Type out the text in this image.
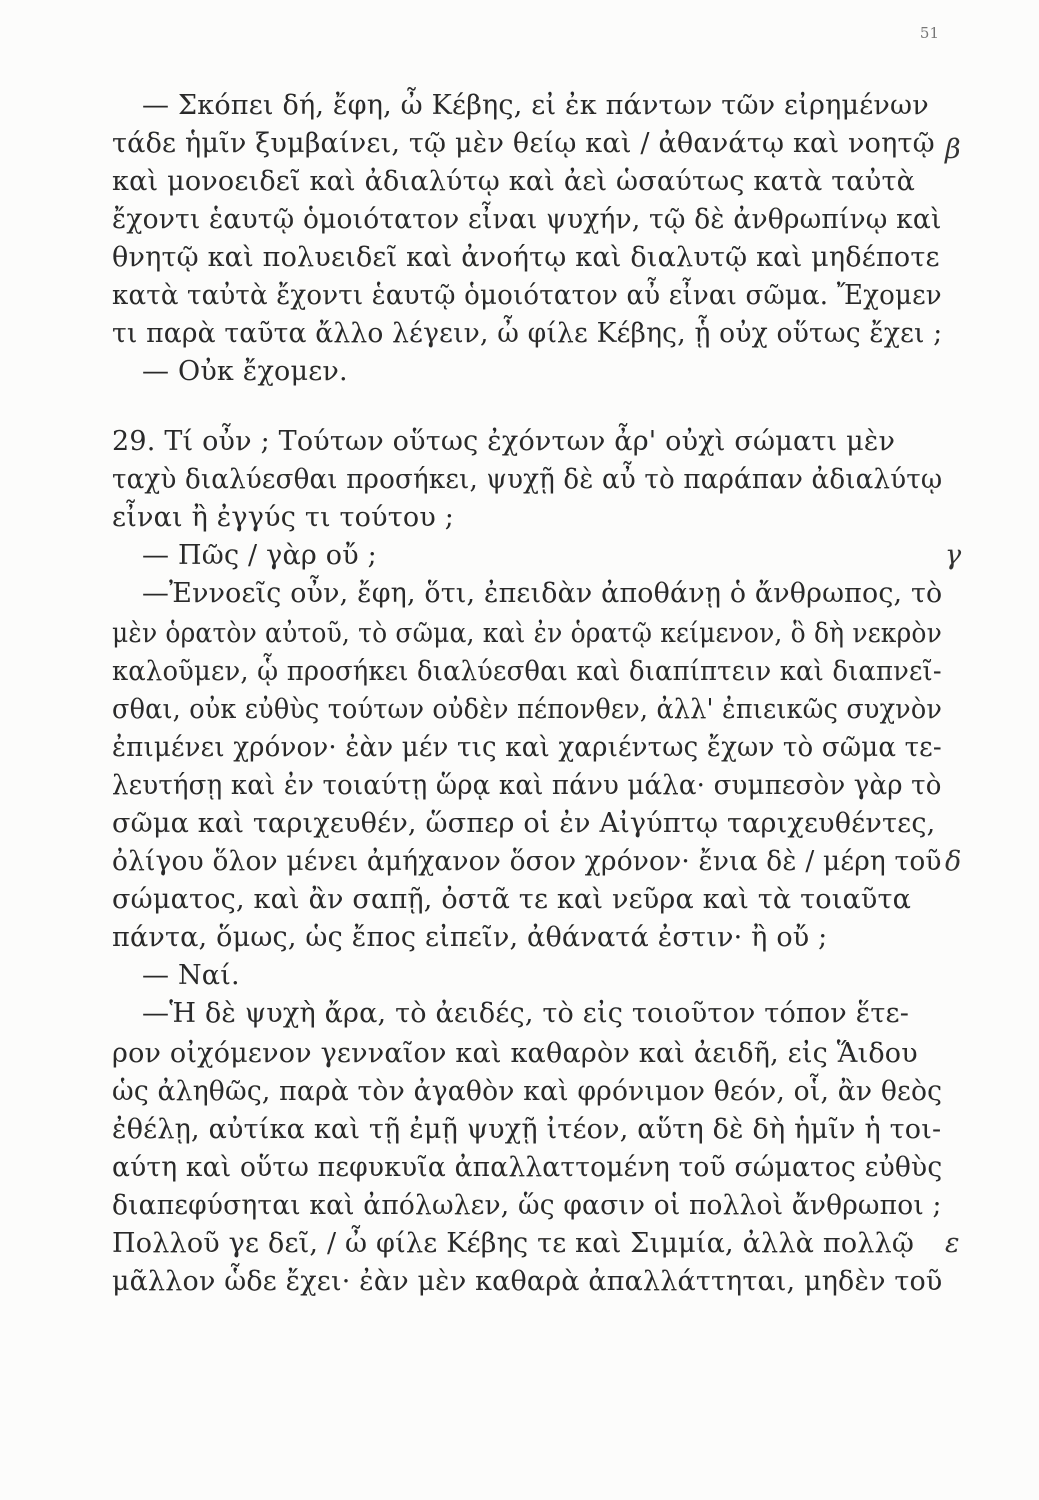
51
— Σκόπει δή, ἔφη, ὦ Κέβης, εἰ ἐκ πάντων τῶν εἰρημένων
τάδε ἡμῖν ξυμβαίνει, τῷ μὲν θείῳ καὶ / ἀθανάτῳ καὶ νοητῷ
καὶ μονοειδεῖ καὶ ἀδιαλύτῳ καὶ ἀεὶ ὡσαύτως κατὰ ταὐτὰ
ἔχοντι ἑαυτῷ ὁμοιότατον εἶναι ψυχήν, τῷ δὲ ἀνθρωπίνῳ καὶ
θνητῷ καὶ πολυειδεῖ καὶ ἀνοήτῳ καὶ διαλυτῷ καὶ μηδέποτε
κατὰ ταὐτὰ ἔχοντι ἑαυτῷ ὁμοιότατον αὖ εἶναι σῶμα. Ἔχομεν
τι παρὰ ταῦτα ἄλλο λέγειν, ὦ φίλε Κέβης, ᾗ οὐχ οὕτως ἔχει ;
— Οὐκ ἔχομεν.
29. Τί οὖν ; Τούτων οὕτως ἐχόντων ἆρ' οὐχὶ σώματι μὲν
ταχὺ διαλύεσθαι προσήκει, ψυχῇ δὲ αὖ τὸ παράπαν ἀδιαλύτῳ
εἶναι ἢ ἐγγύς τι τούτου ;
— Πῶς / γὰρ οὔ ;
—Ἐννοεῖς οὖν, ἔφη, ὅτι, ἐπειδὰν ἀποθάνῃ ὁ ἄνθρωπος, τὸ
μὲν ὁρατὸν αὐτοῦ, τὸ σῶμα, καὶ ἐν ὁρατῷ κείμενον, ὃ δὴ νεκρὸν
καλοῦμεν, ᾧ προσήκει διαλύεσθαι καὶ διαπίπτειν καὶ διαπνεῖ-
σθαι, οὐκ εὐθὺς τούτων οὐδὲν πέπονθεν, ἀλλ' ἐπιεικῶς συχνὸν
ἐπιμένει χρόνον· ἐὰν μέν τις καὶ χαριέντως ἔχων τὸ σῶμα τε-
λευτήσῃ καὶ ἐν τοιαύτῃ ὥρᾳ καὶ πάνυ μάλα· συμπεσὸν γὰρ τὸ
σῶμα καὶ ταριχευθέν, ὥσπερ οἱ ἐν Αἰγύπτῳ ταριχευθέντες,
ὀλίγου ὅλον μένει ἀμήχανον ὅσον χρόνον· ἔνια δὲ / μέρη τοῦ
σώματος, καὶ ἂν σαπῇ, ὀστᾶ τε καὶ νεῦρα καὶ τὰ τοιαῦτα
πάντα, ὅμως, ὡς ἔπος εἰπεῖν, ἀθάνατά ἐστιν· ἢ οὔ ;
— Ναί.
—Ἡ δὲ ψυχὴ ἄρα, τὸ ἀειδές, τὸ εἰς τοιοῦτον τόπον ἕτε-
ρον οἰχόμενον γενναῖον καὶ καθαρὸν καὶ ἀειδῆ, εἰς Ἅιδου
ὡς ἀληθῶς, παρὰ τὸν ἀγαθὸν καὶ φρόνιμον θεόν, οἷ, ἂν θεὸς
ἐθέλῃ, αὐτίκα καὶ τῇ ἐμῇ ψυχῇ ἰτέον, αὕτη δὲ δὴ ἡμῖν ἡ τοι-
αύτη καὶ οὕτω πεφυκυῖα ἀπαλλαττομένη τοῦ σώματος εὐθὺς
διαπεφύσηται καὶ ἀπόλωλεν, ὥς φασιν οἱ πολλοὶ ἄνθρωποι ;
Πολλοῦ γε δεῖ, / ὦ φίλε Κέβης τε καὶ Σιμμία, ἀλλὰ πολλῷ
μᾶλλον ὧδε ἔχει· ἐὰν μὲν καθαρὰ ἀπαλλάττηται, μηδὲν τοῦ
β
γ
δ
ε
